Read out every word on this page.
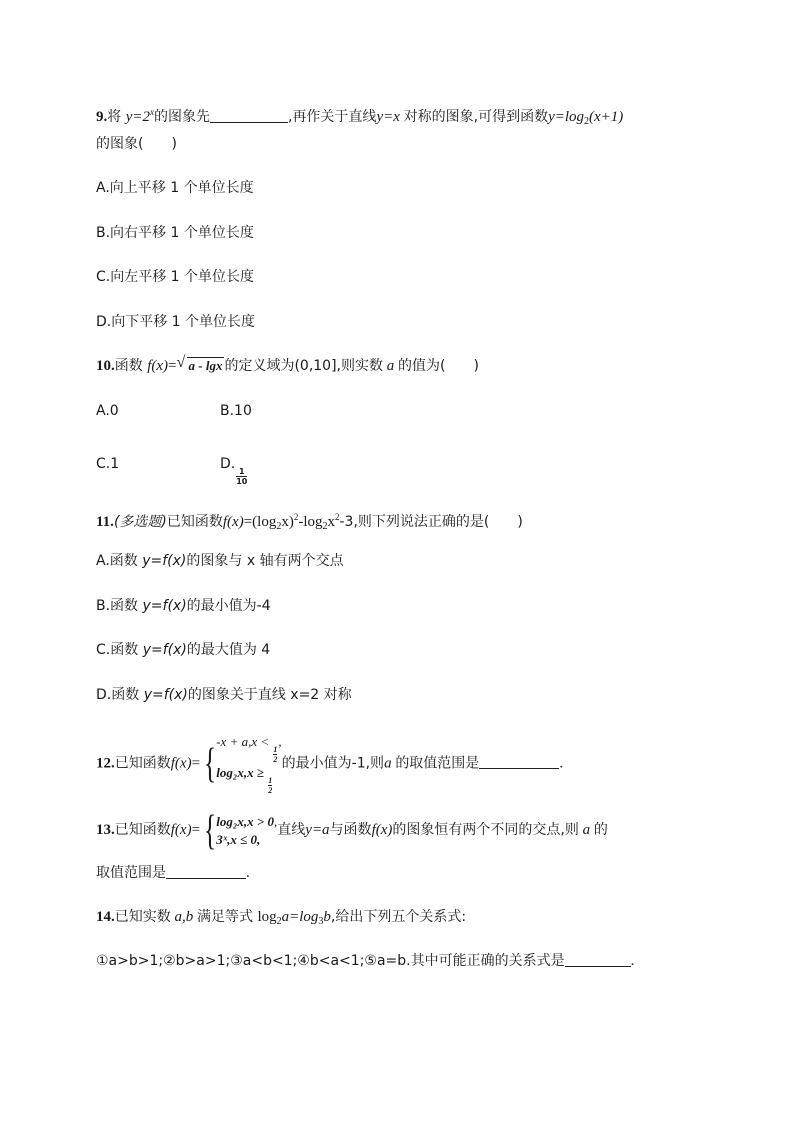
9.将 $y=2^x$的图象先	,再作关于直线y=x 对称的图象,可得到函数$y=\log_2(x+1)$
的图象(　　)
A.向上平移 1 个单位长度
B.向右平移 1 个单位长度
C.向左平移 1 个单位长度
D.向下平移 1 个单位长度
10.函数 f(x)= √ a - lgx 的定义域为(0,10],则实数 a 的值为(　　)
A.0	B.10
C.1	D.
$\frac{1}{10}$
11.(多选题)已知函数$f(x)=(\log_2x)^2-\log_2x^2-3$,则下列说法正确的是(　　)
A.函数 y=f(x)的图象与 x 轴有两个交点
B.函数 y=f(x)的最小值为-4
C.函数 y=f(x)的最大值为 4
D.函数 y=f(x)的图象关于直线 x=2 对称
12.已知函数f(x)={ -x + a,x <
$\frac{1}{2}$
,
log₂x,x ≥
$\frac{1}{2}$
的最小值为-1,则a 的取值范围是	.
13.已知函数f(x)={ log₂x,x > 0,
3ˣ,x ≤ 0,
直线y=a与函数f(x)的图象恒有两个不同的交点,则 a 的
取值范围是	.
14.已知实数 a,b 满足等式 $\log_2a=\log_3b$,给出下列五个关系式:
①a>b>1;②b>a>1;③a<b<1;④b<a<1;⑤a=b.其中可能正确的关系式是	.
